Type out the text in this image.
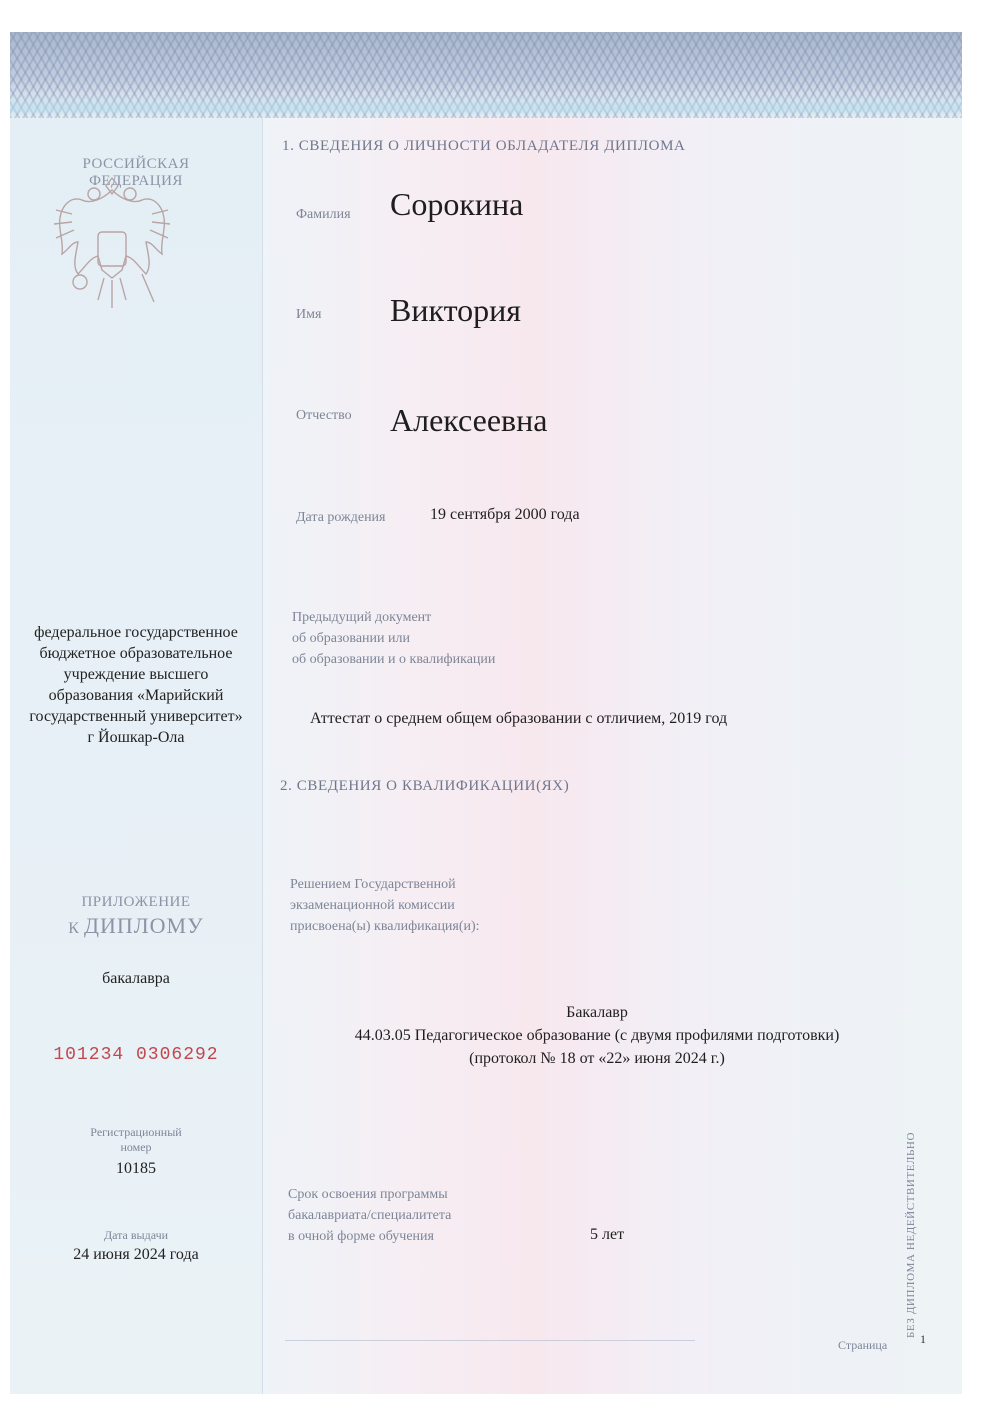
РОССИЙСКАЯ
ФЕДЕРАЦИЯ
федеральное государственное
бюджетное образовательное
учреждение высшего
образования «Марийский
государственный университет»
г Йошкар-Ола
ПРИЛОЖЕНИЕ
К ДИПЛОМУ
бакалавра
101234 0306292
Регистрационный
номер
10185
Дата выдачи
24 июня 2024 года
1. СВЕДЕНИЯ О ЛИЧНОСТИ ОБЛАДАТЕЛЯ ДИПЛОМА
Фамилия Сорокина
Имя Виктория
Отчество Алексеевна
Дата рождения	19 сентября 2000 года
Предыдущий документ
об образовании или
об образовании и о квалификации
Аттестат о среднем общем образовании с отличием, 2019 год
2. СВЕДЕНИЯ О КВАЛИФИКАЦИИ(ЯХ)
Решением Государственной
экзаменационной комиссии
присвоена(ы) квалификация(и):
Бакалавр
44.03.05 Педагогическое образование (с двумя профилями подготовки)
(протокол № 18 от «22» июня 2024 г.)
Срок освоения программы
бакалавриата/специалитета
в очной форме обучения	5 лет	БЕЗ ДИПЛОМА НЕДЕЙСТВИТЕЛЬНО
Страница	1
